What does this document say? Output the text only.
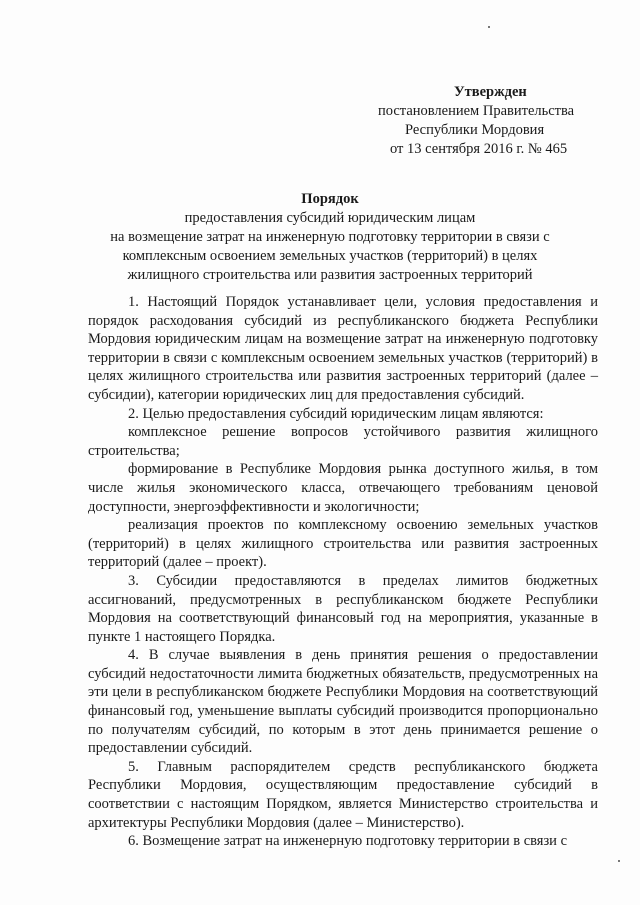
Утвержден
постановлением Правительства
Республики Мордовия
от 13 сентября 2016 г. № 465
Порядок
предоставления субсидий юридическим лицам
на возмещение затрат на инженерную подготовку территории в связи с
комплексным освоением земельных участков (территорий) в целях
жилищного строительства или развития застроенных территорий

1. Настоящий Порядок устанавливает цели, условия предоставления и порядок расходования субсидий из республиканского бюджета Республики Мордовия юридическим лицам на возмещение затрат на инженерную подготовку территории в связи с комплексным освоением земельных участков (территорий) в целях жилищного строительства или развития застроенных территорий (далее – субсидии), категории юридических лиц для предоставления субсидий.

2. Целью предоставления субсидий юридическим лицам являются:

комплексное решение вопросов устойчивого развития жилищного строительства;

формирование в Республике Мордовия рынка доступного жилья, в том числе жилья экономического класса, отвечающего требованиям ценовой доступности, энергоэффективности и экологичности;

реализация проектов по комплексному освоению земельных участков (территорий) в целях жилищного строительства или развития застроенных территорий (далее – проект).

3. Субсидии предоставляются в пределах лимитов бюджетных ассигнований, предусмотренных в республиканском бюджете Республики Мордовия на соответствующий финансовый год на мероприятия, указанные в пункте 1 настоящего Порядка.

4. В случае выявления в день принятия решения о предоставлении субсидий недостаточности лимита бюджетных обязательств, предусмотренных на эти цели в республиканском бюджете Республики Мордовия на соответствующий финансовый год, уменьшение выплаты субсидий производится пропорционально по получателям субсидий, по которым в этот день принимается решение о предоставлении субсидий.

5. Главным распорядителем средств республиканского бюджета Республики Мордовия, осуществляющим предоставление субсидий в соответствии с настоящим Порядком, является Министерство строительства и архитектуры Республики Мордовия (далее – Министерство).

6. Возмещение затрат на инженерную подготовку территории в связи с
